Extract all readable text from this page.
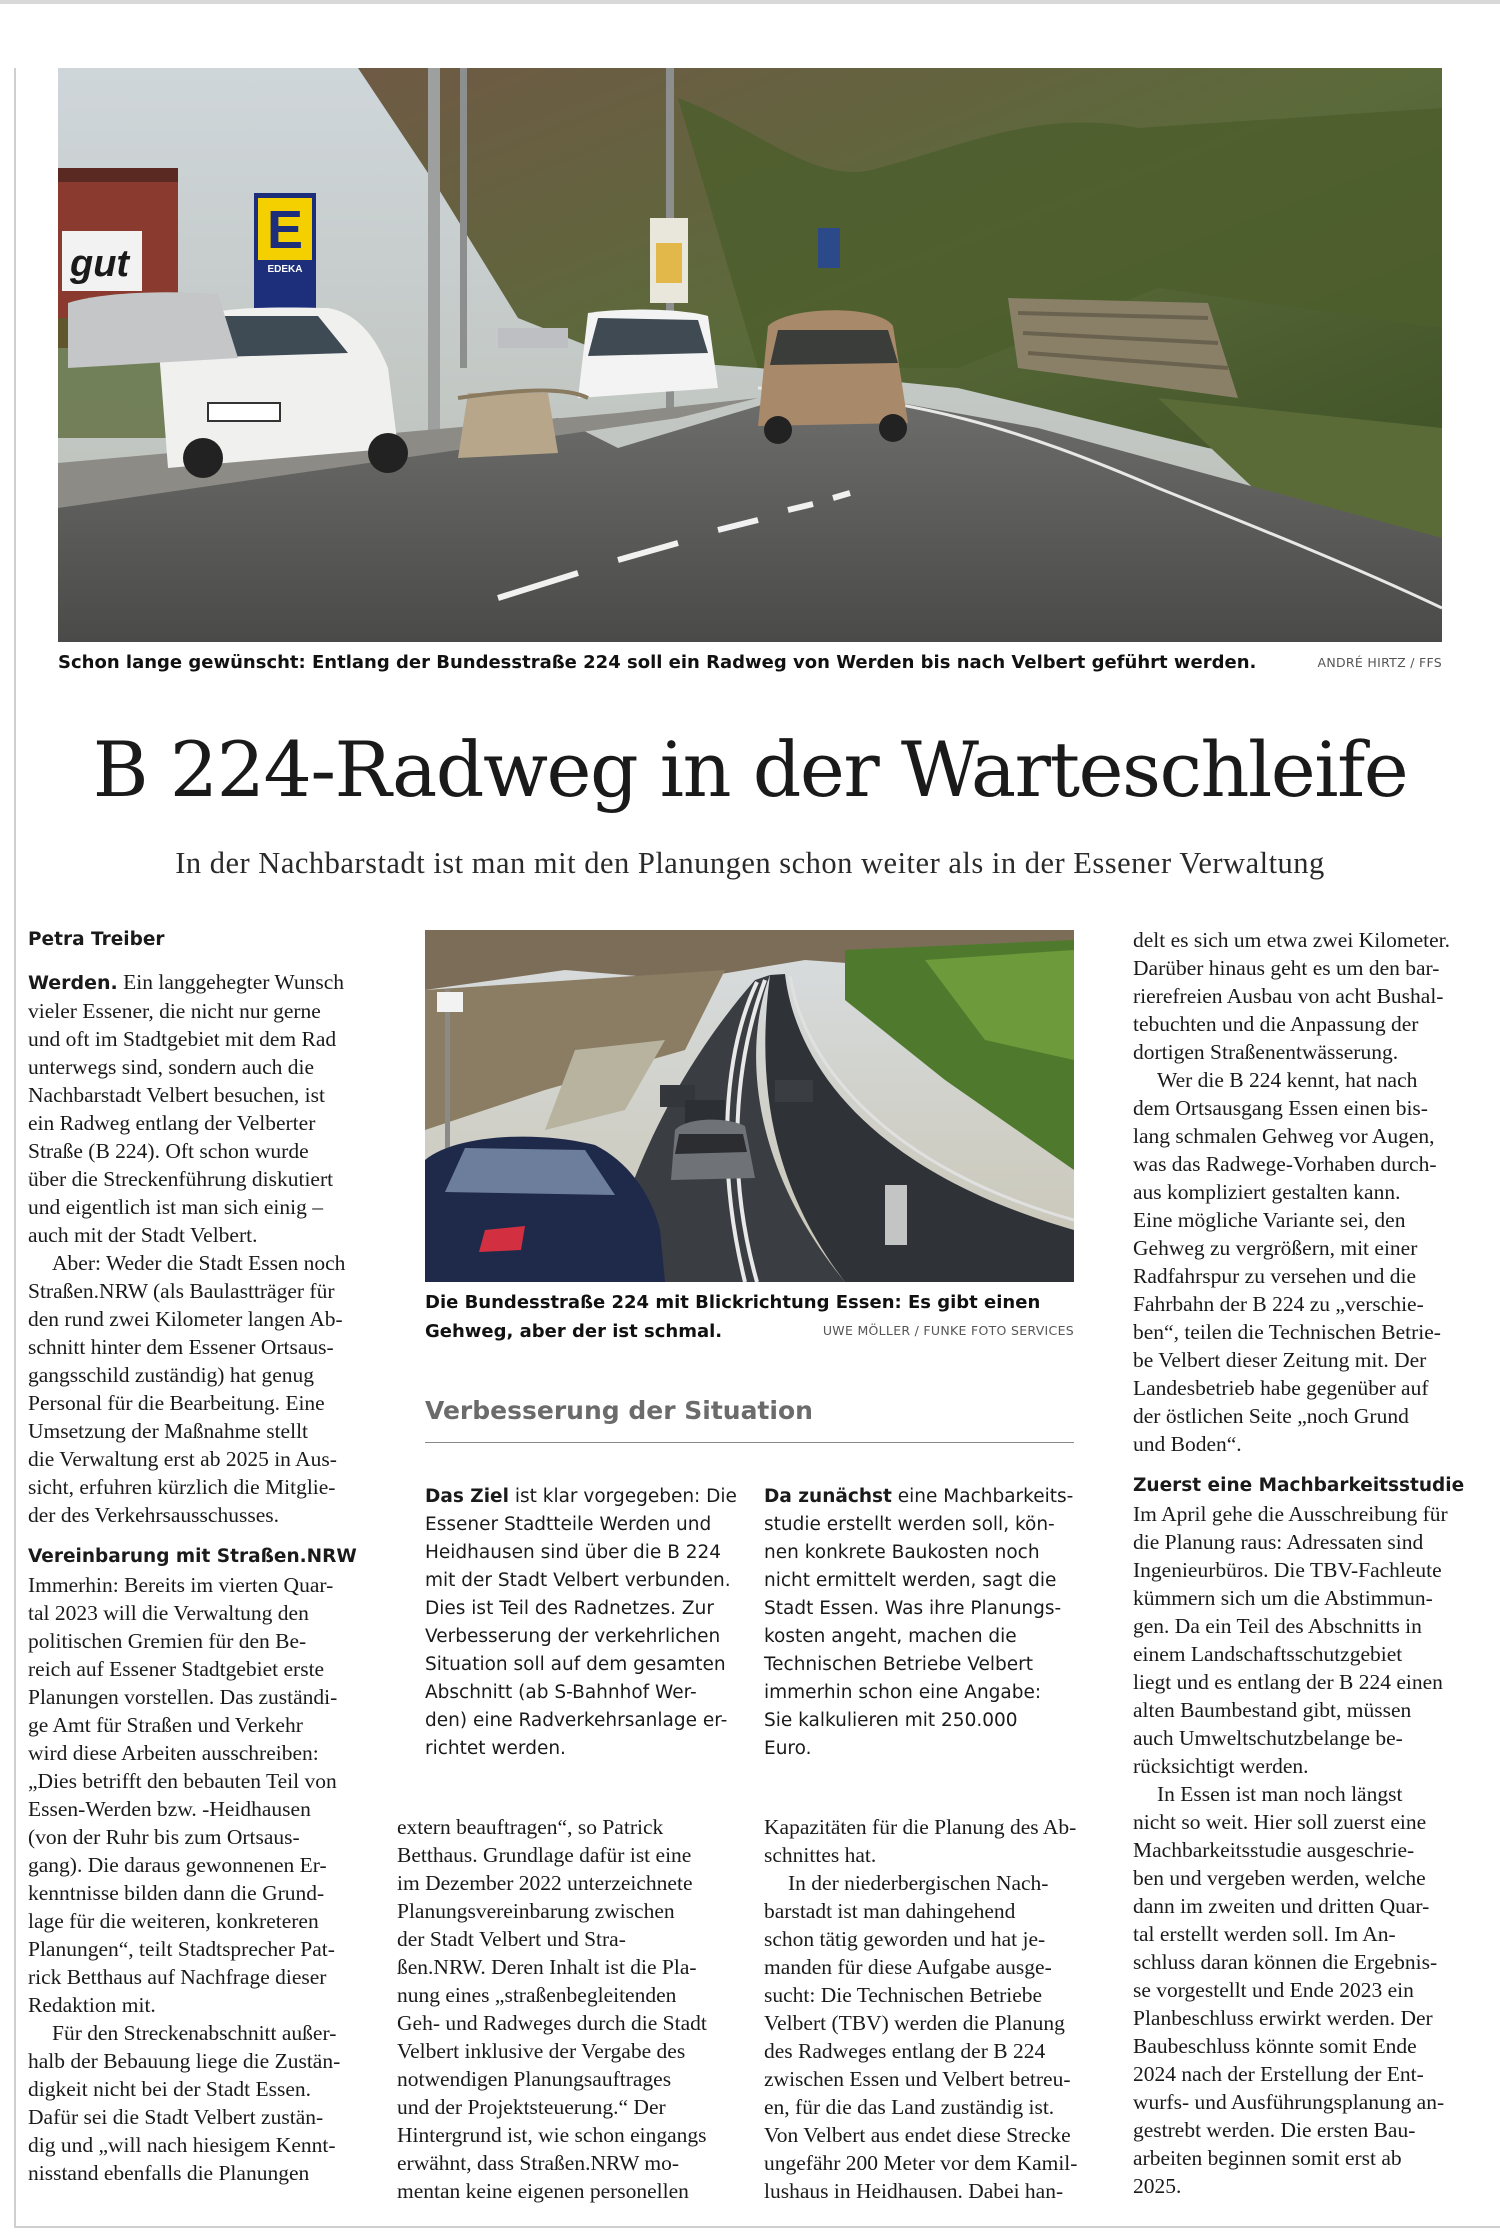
gut
E
EDEKA
Schon lange gewünscht: Entlang der Bundesstraße 224 soll ein Radweg von Werden bis nach Velbert geführt werden.	ANDRÉ HIRTZ / FFS
B 224-Radweg in der Warteschleife
In der Nachbarstadt ist man mit den Planungen schon weiter als in der Essener Verwaltung

Petra Treiber

Werden. Ein langgehegter Wunsch
vieler Essener, die nicht nur gerne
und oft im Stadtgebiet mit dem Rad
unterwegs sind, sondern auch die
Nachbarstadt Velbert besuchen, ist
ein Radweg entlang der Velberter
Straße (B 224). Oft schon wurde
über die Streckenführung diskutiert
und eigentlich ist man sich einig –
auch mit der Stadt Velbert.

Aber: Weder die Stadt Essen noch
Straßen.NRW (als Baulastträger für
den rund zwei Kilometer langen Ab-
schnitt hinter dem Essener Ortsaus-
gangsschild zuständig) hat genug
Personal für die Bearbeitung. Eine
Umsetzung der Maßnahme stellt
die Verwaltung erst ab 2025 in Aus-
sicht, erfuhren kürzlich die Mitglie-
der des Verkehrsausschusses.

Vereinbarung mit Straßen.NRW

Immerhin: Bereits im vierten Quar-
tal 2023 will die Verwaltung den
politischen Gremien für den Be-
reich auf Essener Stadtgebiet erste
Planungen vorstellen. Das zuständi-
ge Amt für Straßen und Verkehr
wird diese Arbeiten ausschreiben:
„Dies betrifft den bebauten Teil von
Essen-Werden bzw. -Heidhausen
(von der Ruhr bis zum Ortsaus-
gang). Die daraus gewonnenen Er-
kenntnisse bilden dann die Grund-
lage für die weiteren, konkreteren
Planungen“, teilt Stadtsprecher Pat-
rick Betthaus auf Nachfrage dieser
Redaktion mit.

Für den Streckenabschnitt außer-
halb der Bebauung liege die Zustän-
digkeit nicht bei der Stadt Essen.
Dafür sei die Stadt Velbert zustän-
dig und „will nach hiesigem Kennt-
nisstand ebenfalls die Planungen

Die Bundesstraße 224 mit Blickrichtung Essen: Es gibt einen
Gehweg, aber der ist schmal.	UWE MÖLLER / FUNKE FOTO SERVICES
Verbesserung der Situation

Das Ziel ist klar vorgegeben: Die
Essener Stadtteile Werden und
Heidhausen sind über die B 224
mit der Stadt Velbert verbunden.
Dies ist Teil des Radnetzes. Zur
Verbesserung der verkehrlichen
Situation soll auf dem gesamten
Abschnitt (ab S-Bahnhof Wer-
den) eine Radverkehrsanlage er-
richtet werden.

Da zunächst eine Machbarkeits-
studie erstellt werden soll, kön-
nen konkrete Baukosten noch
nicht ermittelt werden, sagt die
Stadt Essen. Was ihre Planungs-
kosten angeht, machen die
Technischen Betriebe Velbert
immerhin schon eine Angabe:
Sie kalkulieren mit 250.000
Euro.

extern beauftragen“, so Patrick
Betthaus. Grundlage dafür ist eine
im Dezember 2022 unterzeichnete
Planungsvereinbarung zwischen
der Stadt Velbert und Stra-
ßen.NRW. Deren Inhalt ist die Pla-
nung eines „straßenbegleitenden
Geh- und Radweges durch die Stadt
Velbert inklusive der Vergabe des
notwendigen Planungsauftrages
und der Projektsteuerung.“ Der
Hintergrund ist, wie schon eingangs
erwähnt, dass Straßen.NRW mo-
mentan keine eigenen personellen

Kapazitäten für die Planung des Ab-
schnittes hat.

In der niederbergischen Nach-
barstadt ist man dahingehend
schon tätig geworden und hat je-
manden für diese Aufgabe ausge-
sucht: Die Technischen Betriebe
Velbert (TBV) werden die Planung
des Radweges entlang der B 224
zwischen Essen und Velbert betreu-
en, für die das Land zuständig ist.
Von Velbert aus endet diese Strecke
ungefähr 200 Meter vor dem Kamil-
lushaus in Heidhausen. Dabei han-

delt es sich um etwa zwei Kilometer.
Darüber hinaus geht es um den bar-
rierefreien Ausbau von acht Bushal-
tebuchten und die Anpassung der
dortigen Straßenentwässerung.

Wer die B 224 kennt, hat nach
dem Ortsausgang Essen einen bis-
lang schmalen Gehweg vor Augen,
was das Radwege-Vorhaben durch-
aus kompliziert gestalten kann.
Eine mögliche Variante sei, den
Gehweg zu vergrößern, mit einer
Radfahrspur zu versehen und die
Fahrbahn der B 224 zu „verschie-
ben“, teilen die Technischen Betrie-
be Velbert dieser Zeitung mit. Der
Landesbetrieb habe gegenüber auf
der östlichen Seite „noch Grund
und Boden“.

Zuerst eine Machbarkeitsstudie

Im April gehe die Ausschreibung für
die Planung raus: Adressaten sind
Ingenieurbüros. Die TBV-Fachleute
kümmern sich um die Abstimmun-
gen. Da ein Teil des Abschnitts in
einem Landschaftsschutzgebiet
liegt und es entlang der B 224 einen
alten Baumbestand gibt, müssen
auch Umweltschutzbelange be-
rücksichtigt werden.

In Essen ist man noch längst
nicht so weit. Hier soll zuerst eine
Machbarkeitsstudie ausgeschrie-
ben und vergeben werden, welche
dann im zweiten und dritten Quar-
tal erstellt werden soll. Im An-
schluss daran können die Ergebnis-
se vorgestellt und Ende 2023 ein
Planbeschluss erwirkt werden. Der
Baubeschluss könnte somit Ende
2024 nach der Erstellung der Ent-
wurfs- und Ausführungsplanung an-
gestrebt werden. Die ersten Bau-
arbeiten beginnen somit erst ab
2025.
